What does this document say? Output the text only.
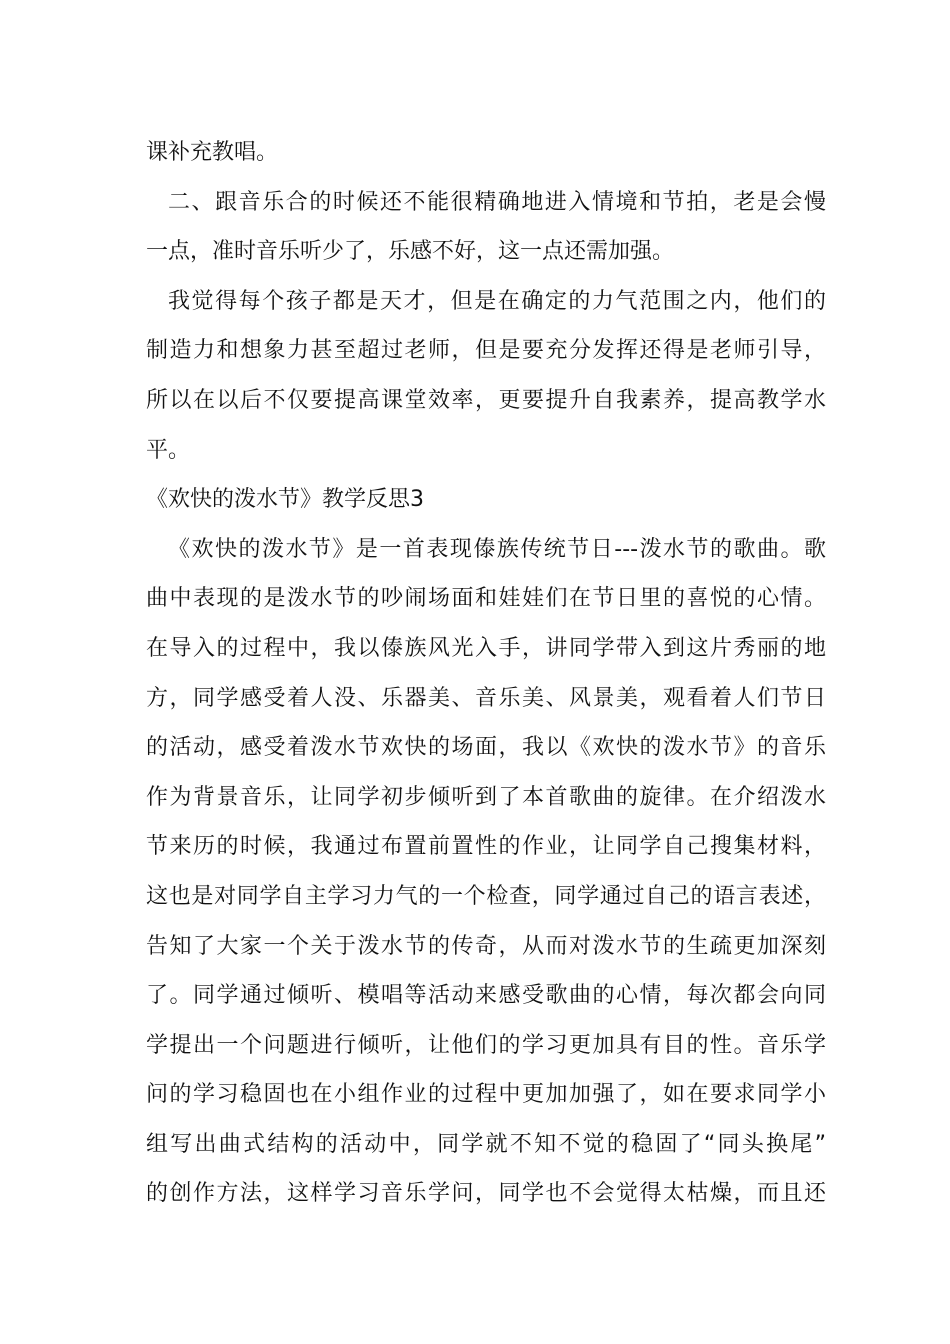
课补充教唱。
二、跟音乐合的时候还不能很精确地进入情境和节拍，老是会慢
一点，准时音乐听少了，乐感不好，这一点还需加强。
我觉得每个孩子都是天才，但是在确定的力气范围之内，他们的
制造力和想象力甚至超过老师，但是要充分发挥还得是老师引导，
所以在以后不仅要提高课堂效率，更要提升自我素养，提高教学水
平。
《欢快的泼水节》教学反思3
《欢快的泼水节》是一首表现傣族传统节日---泼水节的歌曲。歌
曲中表现的是泼水节的吵闹场面和娃娃们在节日里的喜悦的心情。
在导入的过程中，我以傣族风光入手，讲同学带入到这片秀丽的地
方，同学感受着人没、乐器美、音乐美、风景美，观看着人们节日
的活动，感受着泼水节欢快的场面，我以《欢快的泼水节》的音乐
作为背景音乐，让同学初步倾听到了本首歌曲的旋律。在介绍泼水
节来历的时候，我通过布置前置性的作业，让同学自己搜集材料，
这也是对同学自主学习力气的一个检查，同学通过自己的语言表述，
告知了大家一个关于泼水节的传奇，从而对泼水节的生疏更加深刻
了。同学通过倾听、模唱等活动来感受歌曲的心情，每次都会向同
学提出一个问题进行倾听，让他们的学习更加具有目的性。音乐学
问的学习稳固也在小组作业的过程中更加加强了，如在要求同学小
组写出曲式结构的活动中，同学就不知不觉的稳固了“同头换尾”
的创作方法，这样学习音乐学问，同学也不会觉得太枯燥，而且还
